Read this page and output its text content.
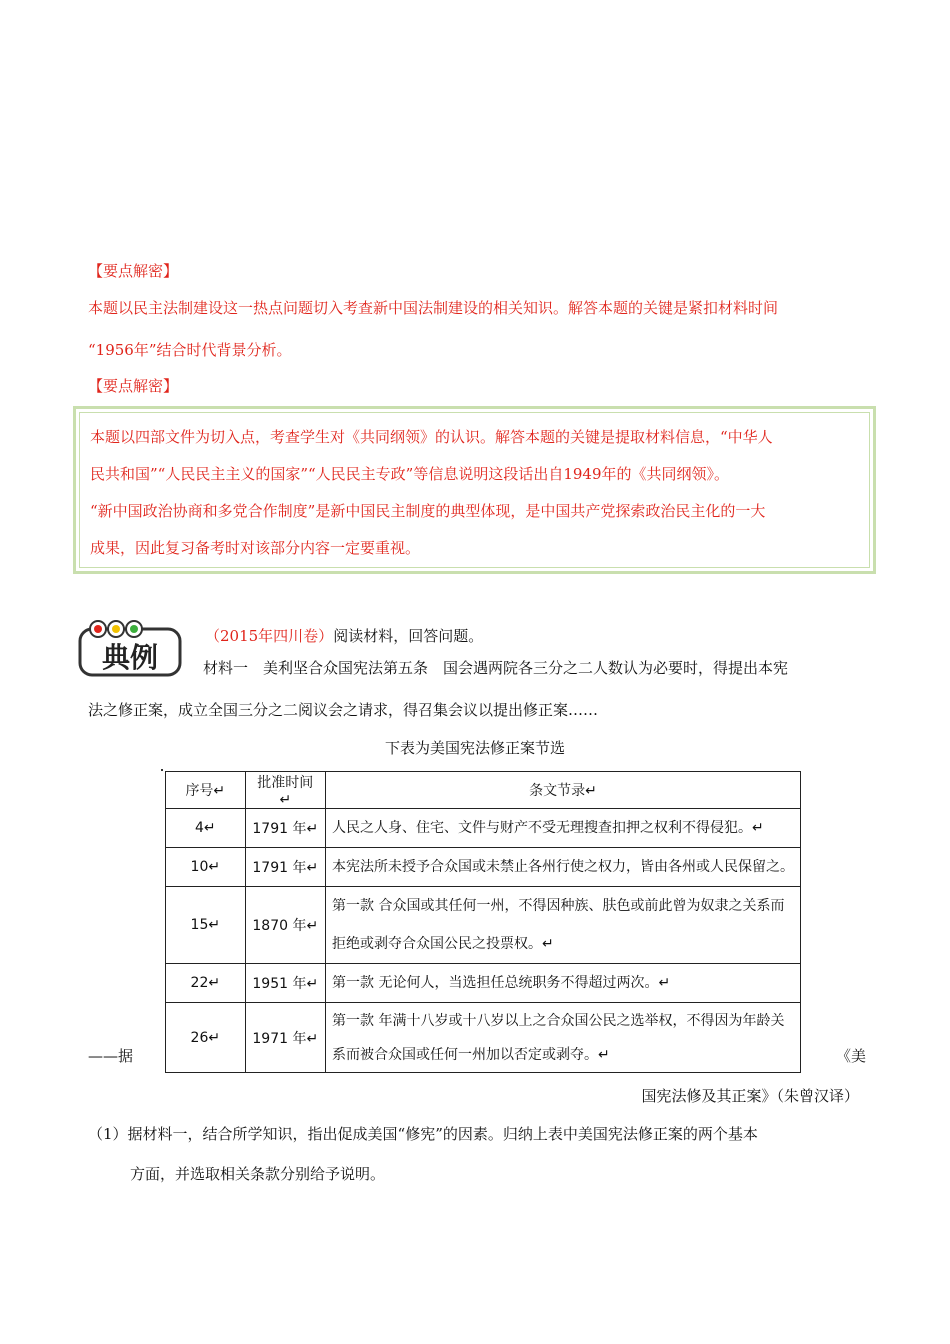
【要点解密】
本题以民主法制建设这一热点问题切入考查新中国法制建设的相关知识。解答本题的关键是紧扣材料时间
“1956年”结合时代背景分析。
【要点解密】

本题以四部文件为切入点，考查学生对《共同纲领》的认识。解答本题的关键是提取材料信息，“中华人

民共和国”“人民民主主义的国家”“人民民主专政”等信息说明这段话出自1949年的《共同纲领》。

“新中国政治协商和多党合作制度”是新中国民主制度的典型体现，是中国共产党探索政治民主化的一大

成果，因此复习备考时对该部分内容一定要重视。

典例
（2015年四川卷）阅读材料，回答问题。
材料一　美利坚合众国宪法第五条　国会遇两院各三分之二人数认为必要时，得提出本宪
法之修正案，成立全国三分之二阅议会之请求，得召集会议以提出修正案……
下表为美国宪法修正案节选
序号↵	批准时间↵	条文节录↵
4↵	1791 年↵	人民之人身、住宅、文件与财产不受无理搜查扣押之权利不得侵犯。↵
10↵	1791 年↵	本宪法所未授予合众国或未禁止各州行使之权力，皆由各州或人民保留之。
15↵	1870 年↵	第一款 合众国或其任何一州，不得因种族、肤色或前此曾为奴隶之关系而
拒绝或剥夺合众国公民之投票权。↵

22↵	1951 年↵	第一款 无论何人，当选担任总统职务不得超过两次。↵
26↵	1971 年↵	第一款 年满十八岁或十八岁以上之合众国公民之选举权，不得因为年龄关
系而被合众国或任何一州加以否定或剥夺。↵
——据	《美
国宪法修及其正案》（朱曾汉译）
（1）据材料一，结合所学知识，指出促成美国“修宪”的因素。归纳上表中美国宪法修正案的两个基本
方面，并选取相关条款分别给予说明。
